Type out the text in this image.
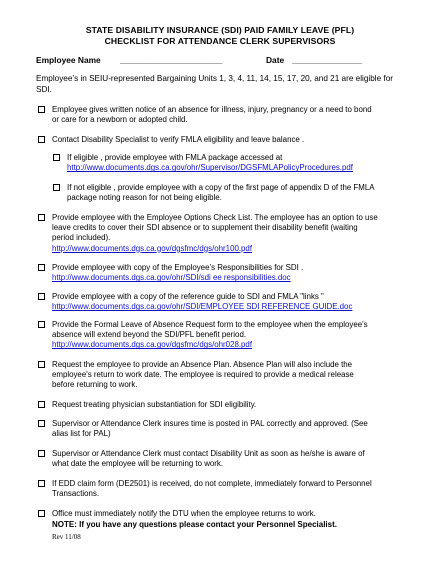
STATE DISABILITY INSURANCE (SDI) PAID FAMILY LEAVE (PFL)
CHECKLIST FOR ATTENDANCE CLERK SUPERVISORS
Employee Name ______________________	Date _______________
Employee’s in SEIU-represented Bargaining Units 1, 3, 4, 11, 14, 15, 17, 20, and 21 are eligible for SDI.
Employee gives written notice of an absence for illness, injury, pregnancy or a need to bond or care for a newborn or adopted child.
Contact Disability Specialist to verify FMLA eligibility and leave balance .
If eligible , provide employee with FMLA package accessed at
http://www.documents.dgs.ca.gov/ohr/Supervisor/DGSFMLAPolicyProcedures.pdf
If not eligible , provide employee with a copy of the first page of appendix D of the FMLA package noting reason for not being eligible.
Provide employee with the Employee Options Check List. The employee has an option to use leave credits to cover their SDI absence or to supplement their disability benefit (waiting period included).
http://www.documents.dgs.ca.gov/dgsfmc/dgs/ohr100.pdf
Provide employee with copy of the Employee’s Responsibilities for SDI .
http://www.documents.dgs.ca.gov/ohr/SDI/sdi ee responsibilities.doc
Provide employee with a copy of the reference guide to SDI and FMLA "links "
http://www.documents.dgs.ca.gov/ohr/SDI/EMPLOYEE SDI REFERENCE GUIDE.doc
Provide the Formal Leave of Absence Request form to the employee when the employee's absence will extend beyond the SDI/PFL benefit period.
http://www.documents.dgs.ca.gov/dgsfmc/dgs/ohr028.pdf
Request the employee to provide an Absence Plan. Absence Plan will also include the employee's return to work date. The employee is required to provide a medical release before returning to work.
Request treating physician substantiation for SDI eligibility.
Supervisor or Attendance Clerk insures time is posted in PAL correctly and approved. (See alias list for PAL)
Supervisor or Attendance Clerk must contact Disability Unit as soon as he/she is aware of what date the employee will be returning to work.
If EDD claim form (DE2501) is received, do not complete, immediately forward to Personnel Transactions.
Office must immediately notify the DTU when the employee returns to work.
NOTE: If you have any questions please contact your Personnel Specialist.
Rev 11/08
